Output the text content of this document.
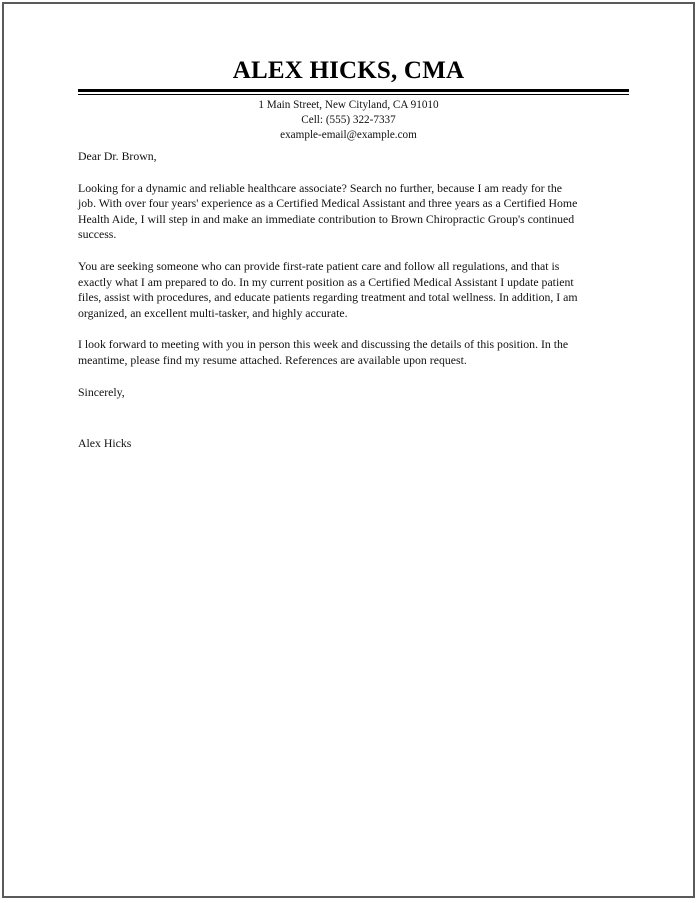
ALEX HICKS, CMA
1 Main Street, New Cityland, CA 91010
Cell: (555) 322-7337
example-email@example.com

Dear Dr. Brown,

Looking for a dynamic and reliable healthcare associate? Search no further, because I am ready for the
job. With over four years' experience as a Certified Medical Assistant and three years as a Certified Home
Health Aide, I will step in and make an immediate contribution to Brown Chiropractic Group's continued
success.

You are seeking someone who can provide first-rate patient care and follow all regulations, and that is
exactly what I am prepared to do. In my current position as a Certified Medical Assistant I update patient
files, assist with procedures, and educate patients regarding treatment and total wellness. In addition, I am
organized, an excellent multi-tasker, and highly accurate.

I look forward to meeting with you in person this week and discussing the details of this position. In the
meantime, please find my resume attached. References are available upon request.

Sincerely,

Alex Hicks
